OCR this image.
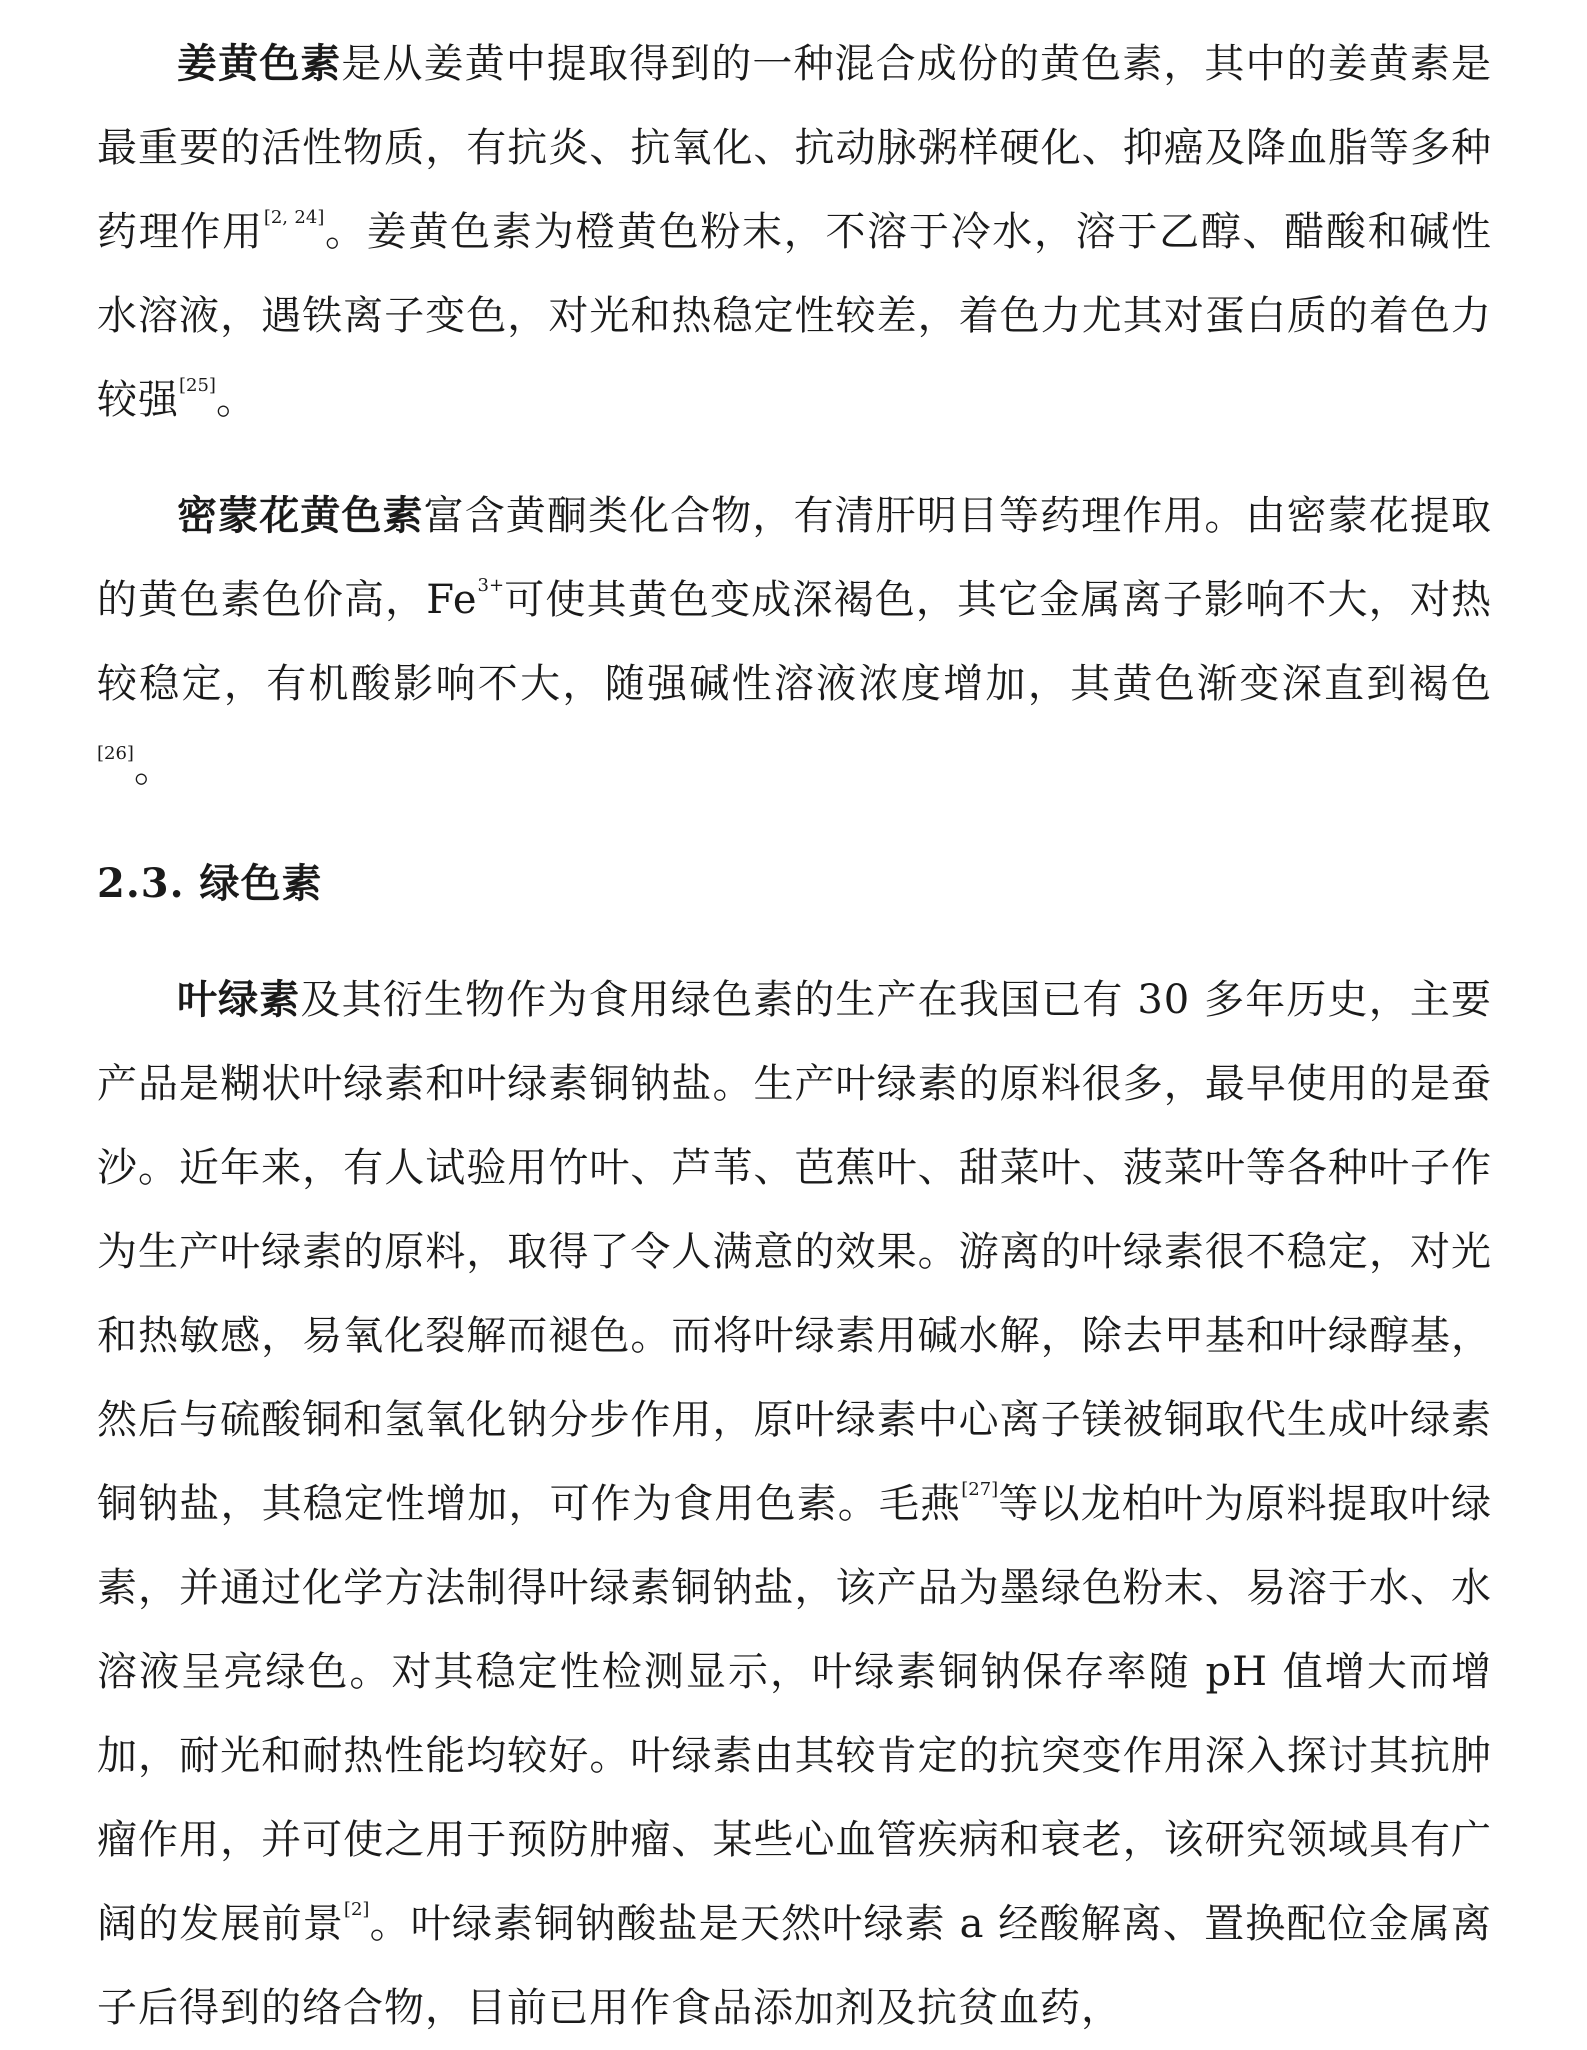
姜黄色素是从姜黄中提取得到的一种混合成份的黄色素，其中的姜黄素是最重要的活性物质，有抗炎、抗氧化、抗动脉粥样硬化、抑癌及降血脂等多种药理作用[2, 24]。姜黄色素为橙黄色粉末，不溶于冷水，溶于乙醇、醋酸和碱性水溶液，遇铁离子变色，对光和热稳定性较差，着色力尤其对蛋白质的着色力较强[25]。

密蒙花黄色素富含黄酮类化合物，有清肝明目等药理作用。由密蒙花提取的黄色素色价高，$Fe^{3+}$可使其黄色变成深褐色，其它金属离子影响不大，对热较稳定，有机酸影响不大，随强碱性溶液浓度增加，其黄色渐变深直到褐色[26]。

2.3. 绿色素

叶绿素及其衍生物作为食用绿色素的生产在我国已有 30 多年历史，主要产品是糊状叶绿素和叶绿素铜钠盐。生产叶绿素的原料很多，最早使用的是蚕沙。近年来，有人试验用竹叶、芦苇、芭蕉叶、甜菜叶、菠菜叶等各种叶子作为生产叶绿素的原料，取得了令人满意的效果。游离的叶绿素很不稳定，对光和热敏感，易氧化裂解而褪色。而将叶绿素用碱水解，除去甲基和叶绿醇基，然后与硫酸铜和氢氧化钠分步作用，原叶绿素中心离子镁被铜取代生成叶绿素铜钠盐，其稳定性增加，可作为食用色素。毛燕[27]等以龙柏叶为原料提取叶绿素，并通过化学方法制得叶绿素铜钠盐，该产品为墨绿色粉末、易溶于水、水溶液呈亮绿色。对其稳定性检测显示，叶绿素铜钠保存率随 pH 值增大而增加，耐光和耐热性能均较好。叶绿素由其较肯定的抗突变作用深入探讨其抗肿瘤作用，并可使之用于预防肿瘤、某些心血管疾病和衰老，该研究领域具有广阔的发展前景[2]。叶绿素铜钠酸盐是天然叶绿素 a 经酸解离、置换配位金属离子后得到的络合物，目前已用作食品添加剂及抗贫血药，
